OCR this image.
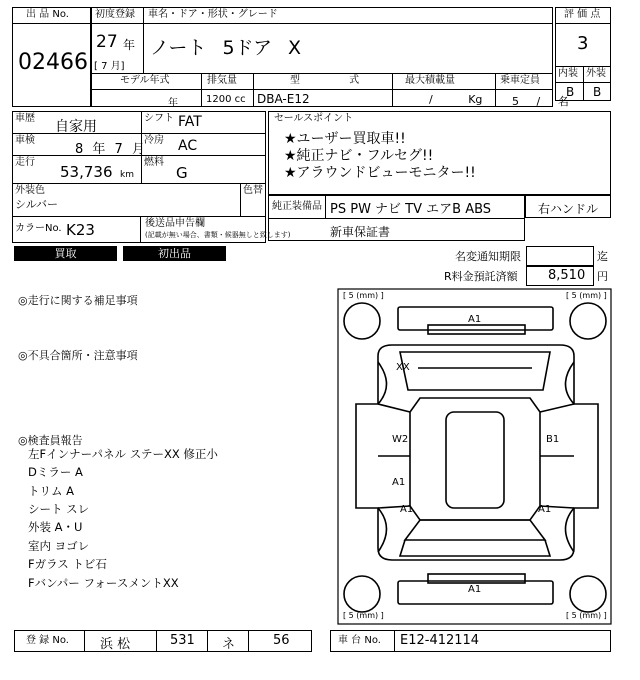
出 品 No.
02466
初度登録 車名・ドア・形状・グレード
27 年
[ 7 月]
ノート 5ドア X
モデル年式	排気量	型 式	最大積載量	乗車定員
年	1200 cc DBA-E12	/ Kg	5 / 名
評 価 点
3
内装 外装
B B
車歴
自家用
シフト FAT
車検
8 年 7 月
冷房 AC
走行
53,736 km
燃料
G
外装色
シルバー
色替
カラーNo. K23	後送品申告欄
(記載が無い場合、書類・候器無しと致します)
セールスポイント
★ユーザー買取車!!
★純正ナビ・フルセグ!!
★アラウンドビューモニター!!
純正装備品 PS PW ナビ TV エアB ABS
新車保証書
右ハンドル
買取	初出品	名変通知期限	迄
R料金預託済額 8,510 円
◎走行に関する補足事項
◎不具合箇所・注意事項
◎検査員報告
左Fインナーパネル ステーXX 修正小
Dミラー A
トリム A
シート スレ
外装 A・U
室内 ヨゴレ
Fガラス トビ石
Fバンパー フォースメントXX
[ 5 (mm) ]	[ 5 (mm) ]
[ 5 (mm) ]	[ 5 (mm) ]
A1
XX
W2	B1
A1
A1	A1
A1
登 録 No. 浜 松	531 ネ	56	車 台 No. E12-412114
